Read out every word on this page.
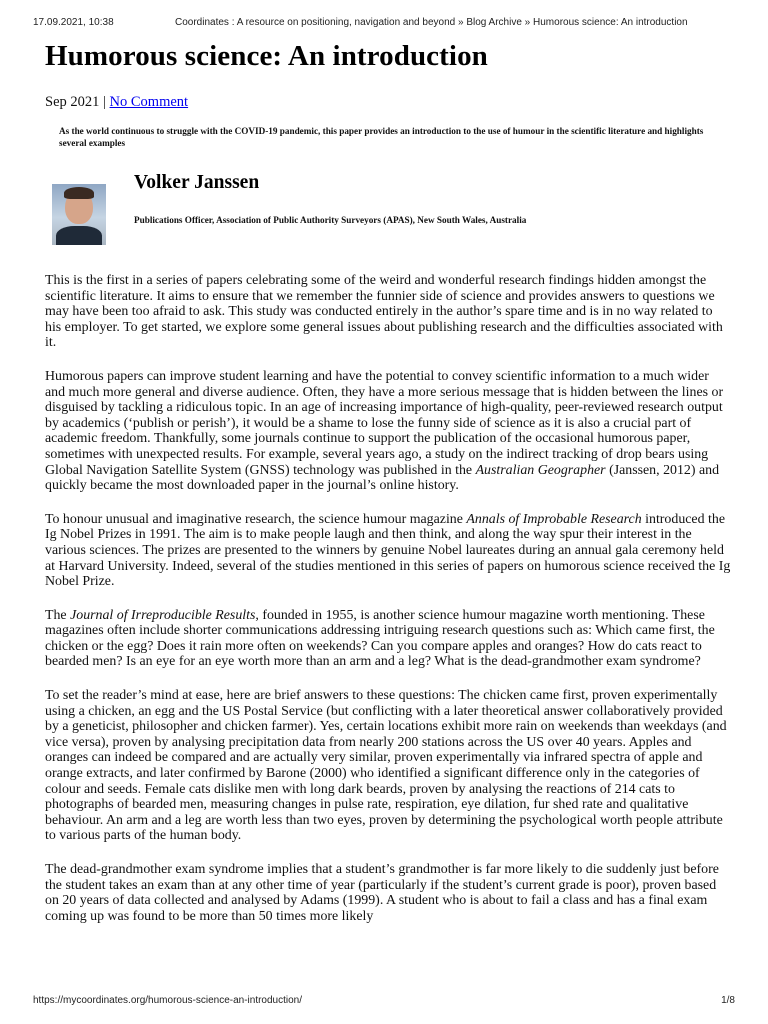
17.09.2021, 10:38	Coordinates : A resource on positioning, navigation and beyond » Blog Archive » Humorous science: An introduction
Humorous science: An introduction
Sep 2021 | No Comment
As the world continuous to struggle with the COVID-19 pandemic, this paper provides an introduction to the use of humour in the scientific literature and highlights several examples
Volker Janssen
Publications Officer, Association of Public Authority Surveyors (APAS), New South Wales, Australia

This is the first in a series of papers celebrating some of the weird and wonderful research findings hidden amongst the scientific literature. It aims to ensure that we remember the funnier side of science and provides answers to questions we may have been too afraid to ask. This study was conducted entirely in the author’s spare time and is in no way related to his employer. To get started, we explore some general issues about publishing research and the difficulties associated with it.

Humorous papers can improve student learning and have the potential to convey scientific information to a much wider and much more general and diverse audience. Often, they have a more serious message that is hidden between the lines or disguised by tackling a ridiculous topic. In an age of increasing importance of high-quality, peer-reviewed research output by academics (‘publish or perish’), it would be a shame to lose the funny side of science as it is also a crucial part of academic freedom. Thankfully, some journals continue to support the publication of the occasional humorous paper, sometimes with unexpected results. For example, several years ago, a study on the indirect tracking of drop bears using Global Navigation Satellite System (GNSS) technology was published in the Australian Geographer (Janssen, 2012) and quickly became the most downloaded paper in the journal’s online history.

To honour unusual and imaginative research, the science humour magazine Annals of Improbable Research introduced the Ig Nobel Prizes in 1991. The aim is to make people laugh and then think, and along the way spur their interest in the various sciences. The prizes are presented to the winners by genuine Nobel laureates during an annual gala ceremony held at Harvard University. Indeed, several of the studies mentioned in this series of papers on humorous science received the Ig Nobel Prize.

The Journal of Irreproducible Results, founded in 1955, is another science humour magazine worth mentioning. These magazines often include shorter communications addressing intriguing research questions such as: Which came first, the chicken or the egg? Does it rain more often on weekends? Can you compare apples and oranges? How do cats react to bearded men? Is an eye for an eye worth more than an arm and a leg? What is the dead-grandmother exam syndrome?

To set the reader’s mind at ease, here are brief answers to these questions: The chicken came first, proven experimentally using a chicken, an egg and the US Postal Service (but conflicting with a later theoretical answer collaboratively provided by a geneticist, philosopher and chicken farmer). Yes, certain locations exhibit more rain on weekends than weekdays (and vice versa), proven by analysing precipitation data from nearly 200 stations across the US over 40 years. Apples and oranges can indeed be compared and are actually very similar, proven experimentally via infrared spectra of apple and orange extracts, and later confirmed by Barone (2000) who identified a significant difference only in the categories of colour and seeds. Female cats dislike men with long dark beards, proven by analysing the reactions of 214 cats to photographs of bearded men, measuring changes in pulse rate, respiration, eye dilation, fur shed rate and qualitative behaviour. An arm and a leg are worth less than two eyes, proven by determining the psychological worth people attribute to various parts of the human body.

The dead-grandmother exam syndrome implies that a student’s grandmother is far more likely to die suddenly just before the student takes an exam than at any other time of year (particularly if the student’s current grade is poor), proven based on 20 years of data collected and analysed by Adams (1999). A student who is about to fail a class and has a final exam coming up was found to be more than 50 times more likely

https://mycoordinates.org/humorous-science-an-introduction/	1/8
